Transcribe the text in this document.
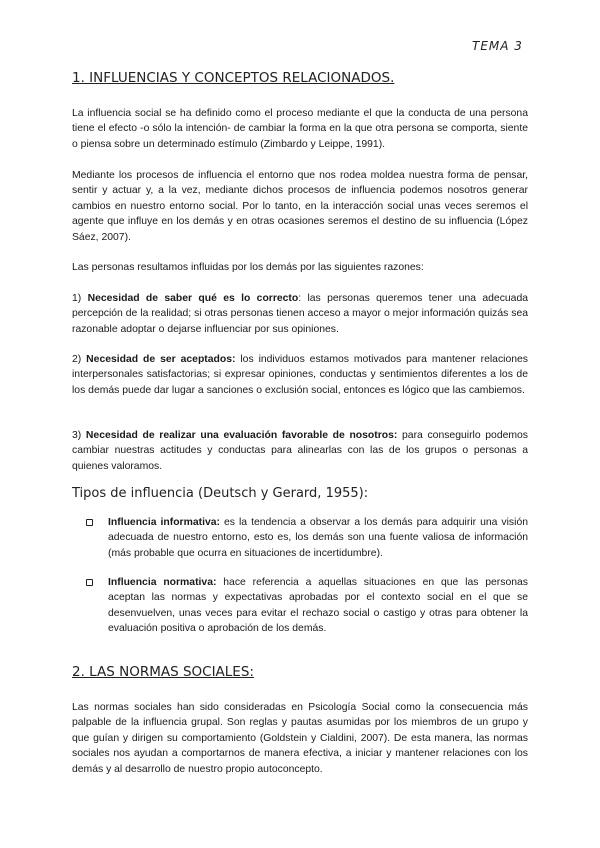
TEMA 3
1. INFLUENCIAS Y CONCEPTOS RELACIONADOS.

La influencia social se ha definido como el proceso mediante el que la conducta de una persona tiene el efecto -o sólo la intención- de cambiar la forma en la que otra persona se comporta, siente o piensa sobre un determinado estímulo (Zimbardo y Leippe, 1991).

Mediante los procesos de influencia el entorno que nos rodea moldea nuestra forma de pensar, sentir y actuar y, a la vez, mediante dichos procesos de influencia podemos nosotros generar cambios en nuestro entorno social. Por lo tanto, en la interacción social unas veces seremos el agente que influye en los demás y en otras ocasiones seremos el destino de su influencia (López Sáez, 2007).

Las personas resultamos influidas por los demás por las siguientes razones:

1) Necesidad de saber qué es lo correcto: las personas queremos tener una adecuada percepción de la realidad; si otras personas tienen acceso a mayor o mejor información quizás sea razonable adoptar o dejarse influenciar por sus opiniones.

2) Necesidad de ser aceptados: los individuos estamos motivados para mantener relaciones interpersonales satisfactorias; si expresar opiniones, conductas y sentimientos diferentes a los de los demás puede dar lugar a sanciones o exclusión social, entonces es lógico que las cambiemos.

3) Necesidad de realizar una evaluación favorable de nosotros: para conseguirlo podemos cambiar nuestras actitudes y conductas para alinearlas con las de los grupos o personas a quienes valoramos.

Tipos de influencia (Deutsch y Gerard, 1955):
Influencia informativa: es la tendencia a observar a los demás para adquirir una visión adecuada de nuestro entorno, esto es, los demás son una fuente valiosa de información (más probable que ocurra en situaciones de incertidumbre).
Influencia normativa: hace referencia a aquellas situaciones en que las personas aceptan las normas y expectativas aprobadas por el contexto social en el que se desenvuelven, unas veces para evitar el rechazo social o castigo y otras para obtener la evaluación positiva o aprobación de los demás.
2. LAS NORMAS SOCIALES:

Las normas sociales han sido consideradas en Psicología Social como la consecuencia más palpable de la influencia grupal. Son reglas y pautas asumidas por los miembros de un grupo y que guían y dirigen su comportamiento (Goldstein y Cialdini, 2007). De esta manera, las normas sociales nos ayudan a comportarnos de manera efectiva, a iniciar y mantener relaciones con los demás y al desarrollo de nuestro propio autoconcepto.
